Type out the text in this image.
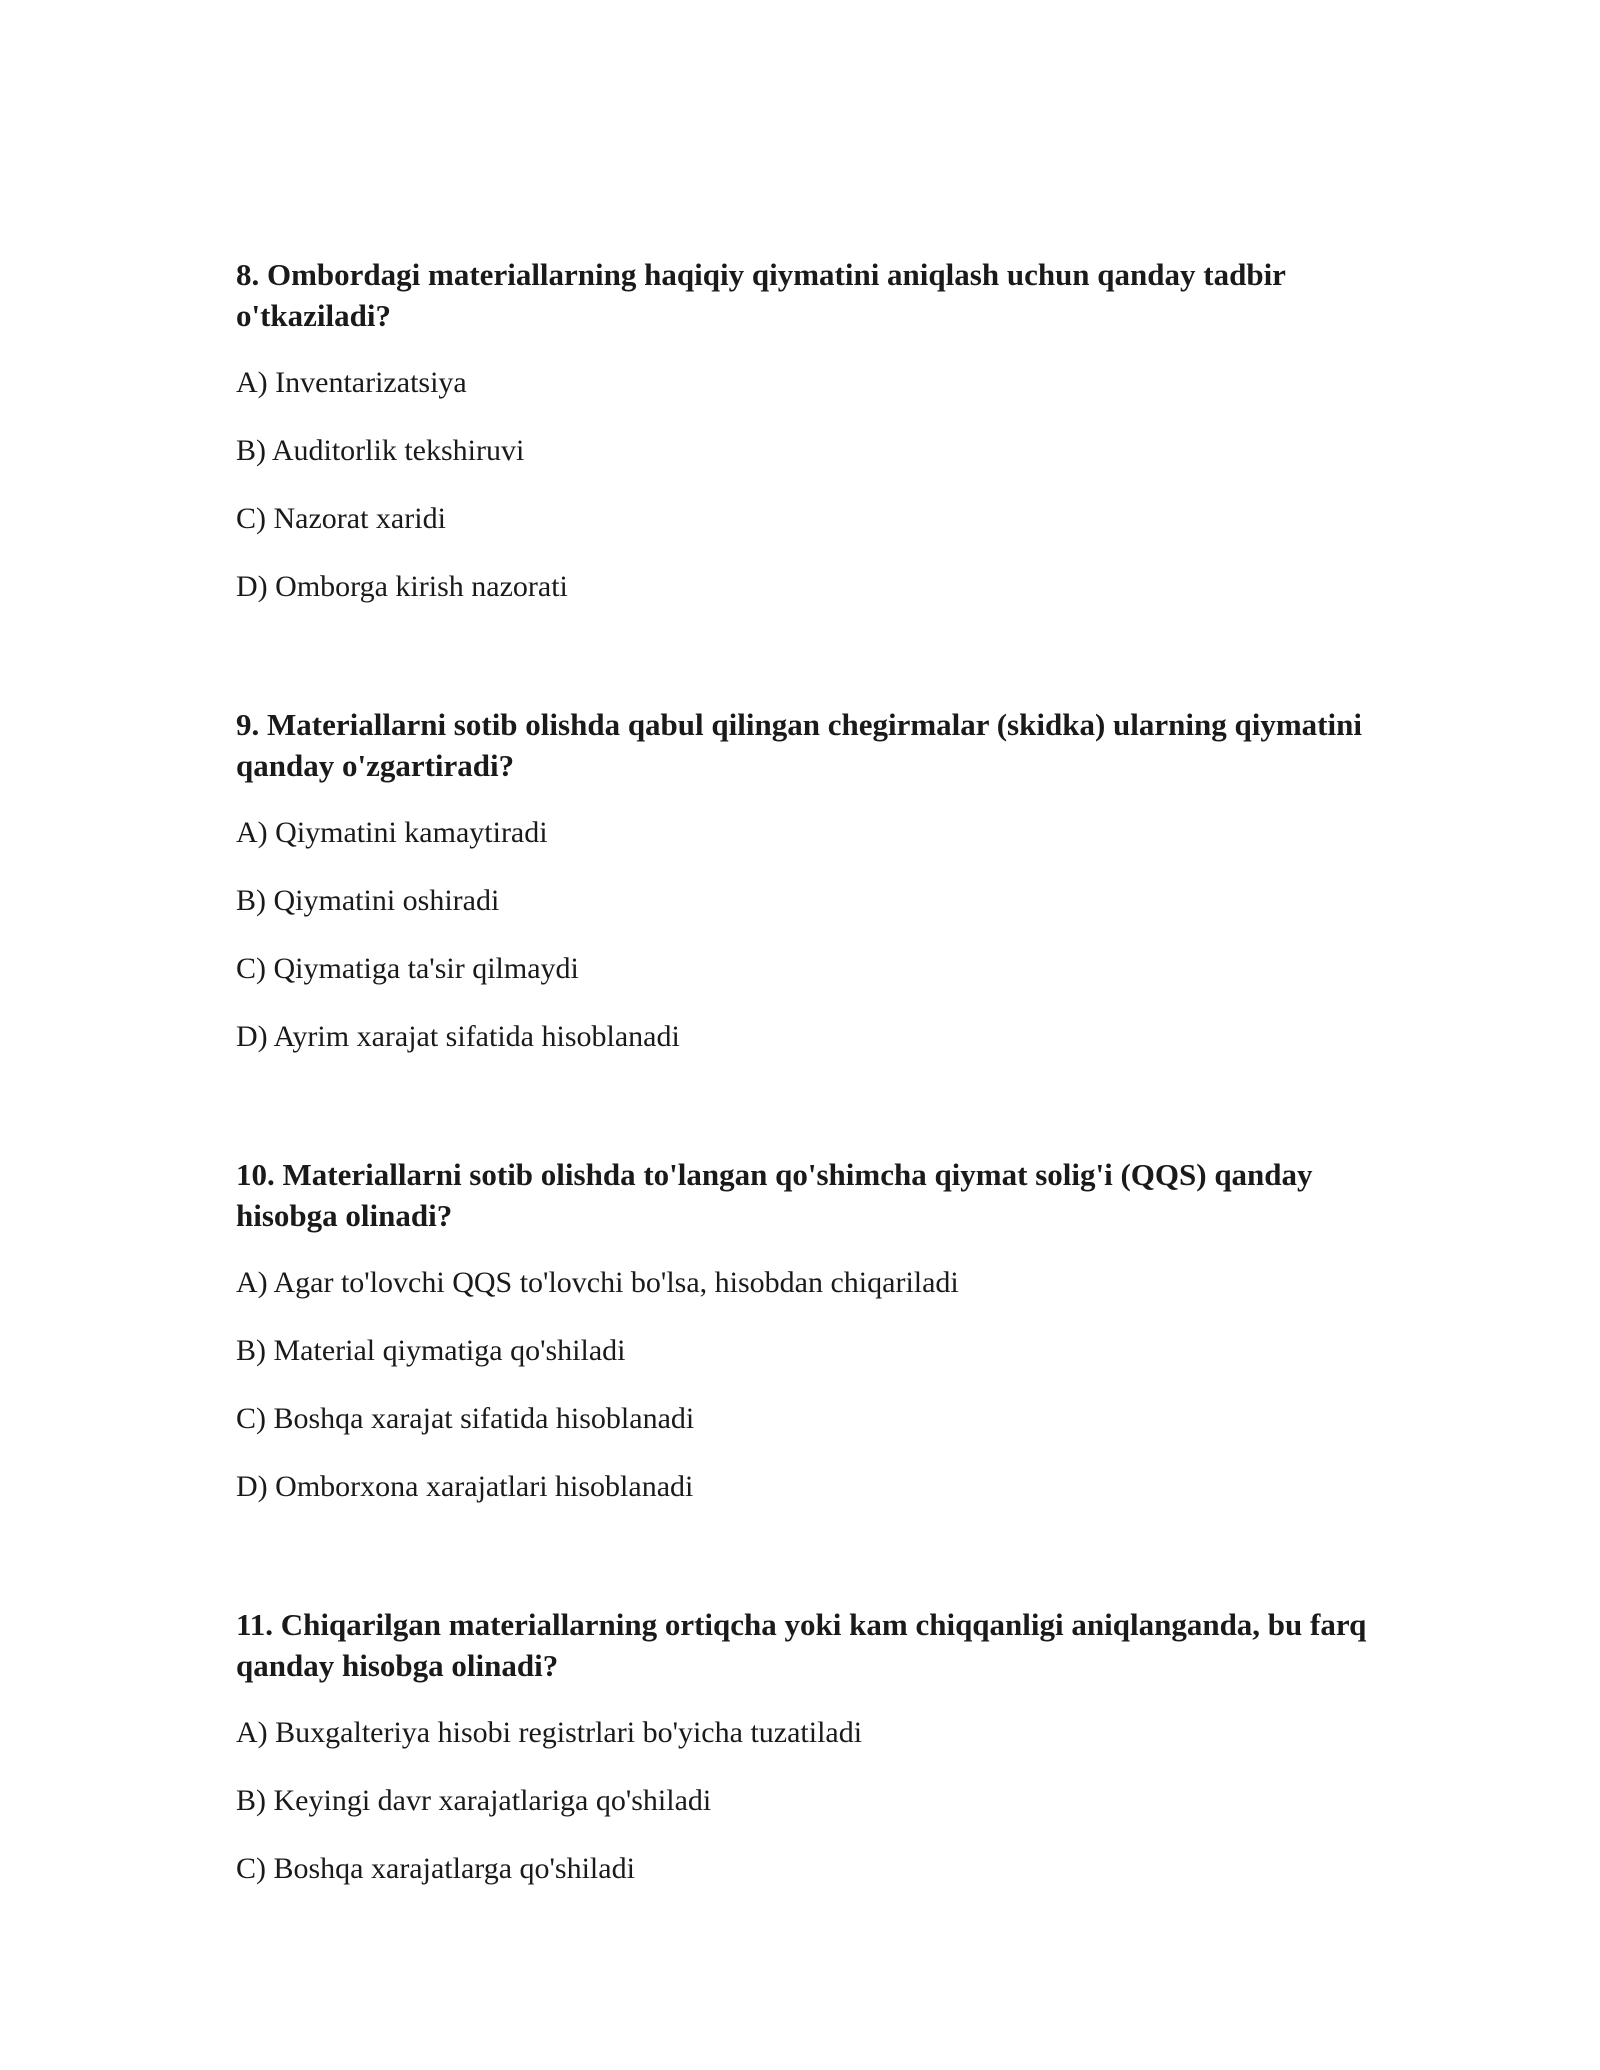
8. Ombordagi materiallarning haqiqiy qiymatini aniqlash uchun qanday tadbir o'tkaziladi?

A) Inventarizatsiya
B) Auditorlik tekshiruvi
C) Nazorat xaridi
D) Omborga kirish nazorati

9. Materiallarni sotib olishda qabul qilingan chegirmalar (skidka) ularning qiymatini qanday o'zgartiradi?

A) Qiymatini kamaytiradi
B) Qiymatini oshiradi
C) Qiymatiga ta'sir qilmaydi
D) Ayrim xarajat sifatida hisoblanadi

10. Materiallarni sotib olishda to'langan qo'shimcha qiymat solig'i (QQS) qanday hisobga olinadi?

A) Agar to'lovchi QQS to'lovchi bo'lsa, hisobdan chiqariladi
B) Material qiymatiga qo'shiladi
C) Boshqa xarajat sifatida hisoblanadi
D) Omborxona xarajatlari hisoblanadi

11. Chiqarilgan materiallarning ortiqcha yoki kam chiqqanligi aniqlanganda, bu farq qanday hisobga olinadi?

A) Buxgalteriya hisobi registrlari bo'yicha tuzatiladi
B) Keyingi davr xarajatlariga qo'shiladi
C) Boshqa xarajatlarga qo'shiladi
